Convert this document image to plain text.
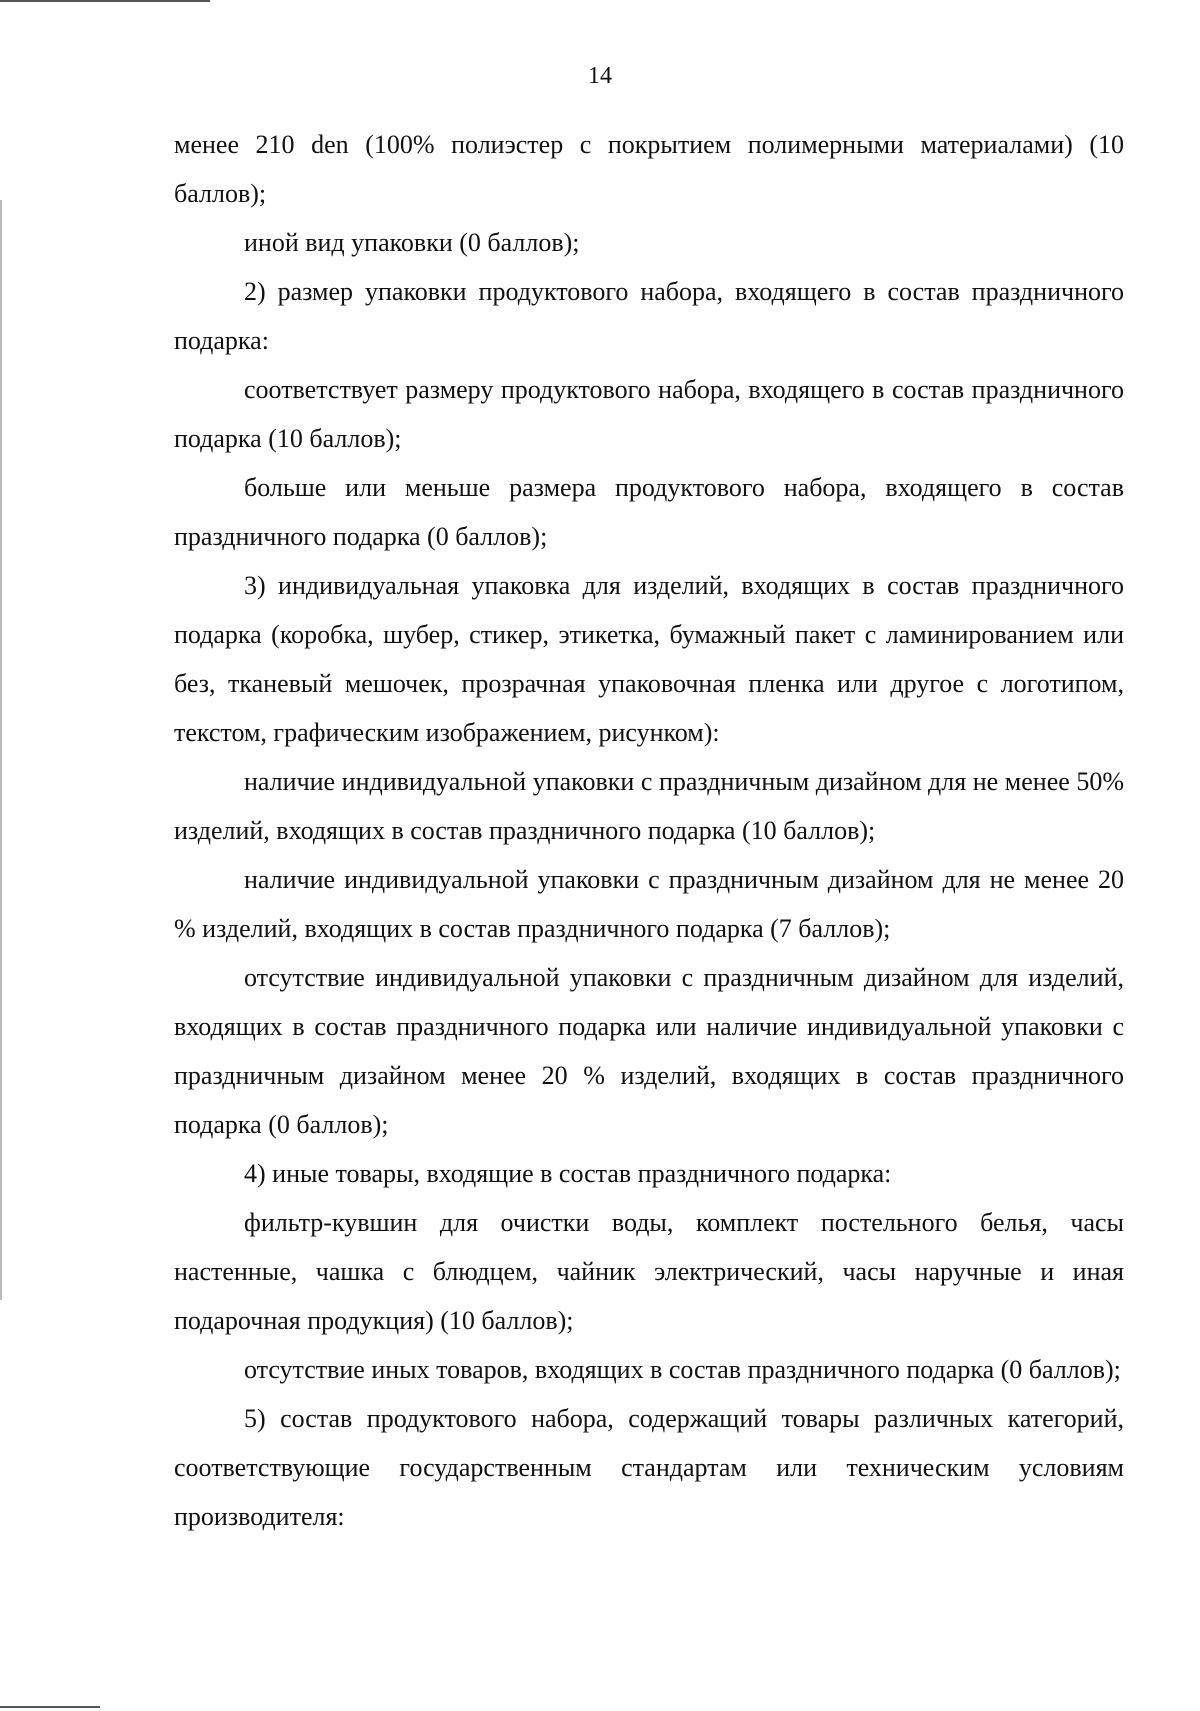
14

менее 210 den (100% полиэстер с покрытием полимерными материалами) (10 баллов);

иной вид упаковки (0 баллов);

2) размер упаковки продуктового набора, входящего в состав праздничного подарка:

соответствует размеру продуктового набора, входящего в состав праздничного подарка (10 баллов);

больше или меньше размера продуктового набора, входящего в состав праздничного подарка (0 баллов);

3) индивидуальная упаковка для изделий, входящих в состав праздничного подарка (коробка, шубер, стикер, этикетка, бумажный пакет с ламинированием или без, тканевый мешочек, прозрачная упаковочная пленка или другое с логотипом, текстом, графическим изображением, рисунком):

наличие индивидуальной упаковки с праздничным дизайном для не менее 50% изделий, входящих в состав праздничного подарка (10 баллов);

наличие индивидуальной упаковки с праздничным дизайном для не менее 20 % изделий, входящих в состав праздничного подарка (7 баллов);

отсутствие индивидуальной упаковки с праздничным дизайном для изделий, входящих в состав праздничного подарка или наличие индивидуальной упаковки с праздничным дизайном менее 20 % изделий, входящих в состав праздничного подарка (0 баллов);

4) иные товары, входящие в состав праздничного подарка:

фильтр-кувшин для очистки воды, комплект постельного белья, часы настенные, чашка с блюдцем, чайник электрический, часы наручные и иная подарочная продукция) (10 баллов);

отсутствие иных товаров, входящих в состав праздничного подарка (0 баллов);

5) состав продуктового набора, содержащий товары различных категорий, соответствующие государственным стандартам или техническим условиям производителя:
